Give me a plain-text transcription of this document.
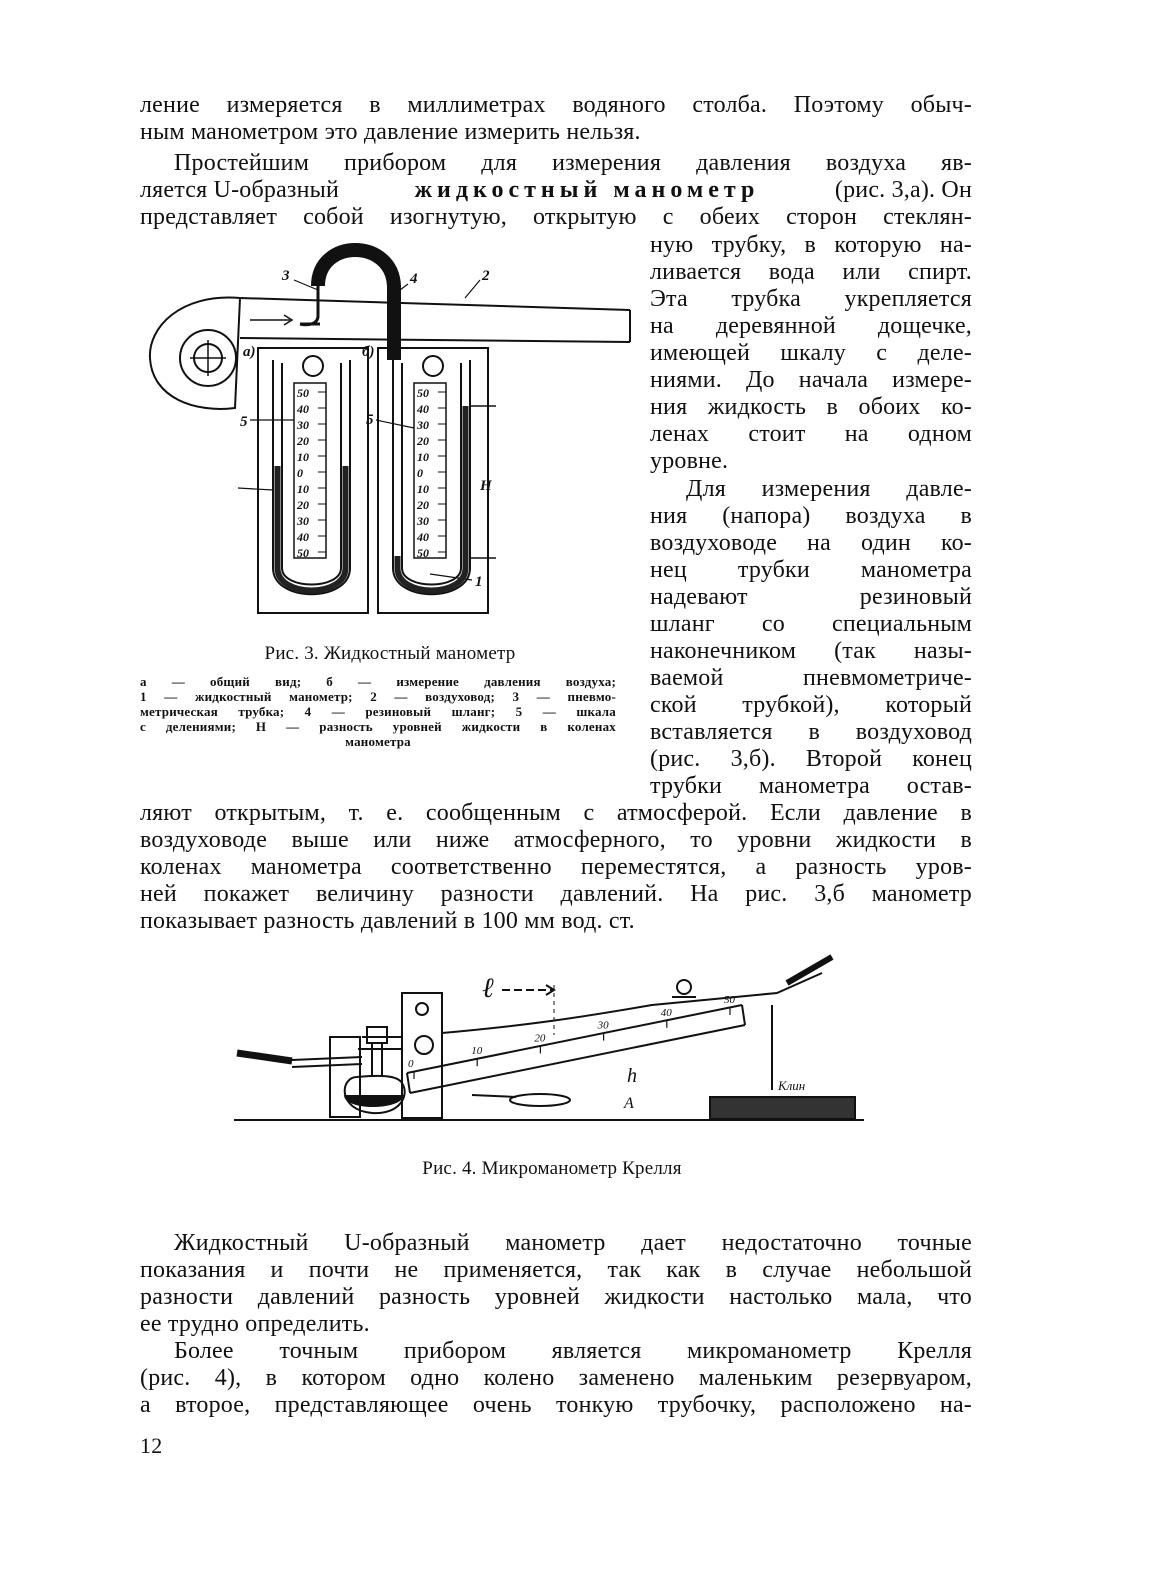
ление измеряется в миллиметрах водяного столба. Поэтому обыч-
ным манометром это давление измерить нельзя.
Простейшим прибором для измерения давления воздуха яв-
ляется U-образный	жидкостный манометр	(рис. 3,а). Он
представляет собой изогнутую, открытую с обеих сторон стеклян-
ную трубку, в которую на-
ливается вода или спирт.
Эта трубка укрепляется
на деревянной дощечке,
имеющей шкалу с деле-
ниями. До начала измере-
ния жидкость в обоих ко-
ленах стоит на одном
уровне.
Для измерения давле-
ния (напора) воздуха в
воздуховоде на один ко-
нец трубки манометра
надевают резиновый
шланг со специальным
наконечником (так назы-
ваемой пневмометриче-
ской трубкой), который
вставляется в воздуховод
(рис. 3,б). Второй конец
трубки манометра остав-
50
40
30
20
10
0
10
20
30
40
50
50
40
30
20
10
0
10
20
30
40
50
3	4	2
а)	б)
5	5
H
1
Рис. 3. Жидкостный манометр
а — общий вид; б — измерение давления воздуха;
1 — жидкостный манометр; 2 — воздуховод; 3 — пневмо-
метрическая трубка; 4 — резиновый шланг; 5 — шкала
с делениями; Н — разность уровней жидкости в коленах
манометра
ляют открытым, т. е. сообщенным с атмосферой. Если давление в
воздуховоде выше или ниже атмосферного, то уровни жидкости в
коленах манометра соответственно переместятся, а разность уров-
ней покажет величину разности давлений. На рис. 3,б манометр
показывает разность давлений в 100 мм вод. ст.
0
10
20
30
40
50
ℓ
h
A
Клин
Рис. 4. Микроманометр Крелля
Жидкостный U-образный манометр дает недостаточно точные
показания и почти не применяется, так как в случае небольшой
разности давлений разность уровней жидкости настолько мала, что
ее трудно определить.
Более точным прибором является микроманометр Крелля
(рис. 4), в котором одно колено заменено маленьким резервуаром,
а второе, представляющее очень тонкую трубочку, расположено на-
12
